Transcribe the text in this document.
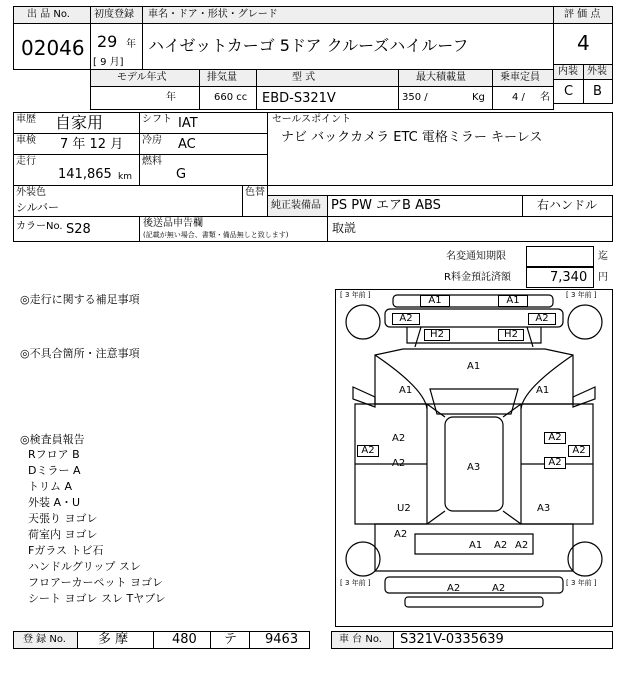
出 品 No.
02046
初度登録
29 年
[ 9 月]
車名・ドア・形状・グレード
ハイゼットカーゴ 5ドア クルーズハイルーフ
評 価 点
4
内装 外装
C B
モデル年式	排気量	型 式	最大積載量	乗車定員
年	660 cc EBD-S321V	350 /	Kg	4 / 名
車歴 自家用	シフト IAT
車検 7 年 12 月 冷房 AC
走行
141,865 km
燃料
G
セールスポイント
ナビ バックカメラ ETC 電格ミラー キーレス
外装色
シルバー
色替
カラーNo. S28	後送品申告欄
(記載が無い場合、書類・備品無しと致します)
純正装備品 PS PW エアB ABS	右ハンドル
取説
名変通知期限	迄
R料金預託済額	7,340 円
◎走行に関する補足事項
◎不具合箇所・注意事項
◎検査員報告
Rフロア B
Dミラー A
トリム A
外装 A・U
天張り ヨゴレ
荷室内 ヨゴレ
Fガラス トビ石
ハンドルグリップ スレ
フロアーカーペット ヨゴレ
シート ヨゴレ スレ Tヤブレ
[ 3 年前 ]	[ 3 年前 ]
[ 3 年前 ]	[ 3 年前 ]
A1	A1
A2	A2
H2	H2
A1
A1	A1
A2	A2
A2	A2
A2	A2
A3
U2	A3
A2
A1 A2 A2
A2	A2
登 録 No. 多 摩	480 テ 9463	車 台 No. S321V-0335639
